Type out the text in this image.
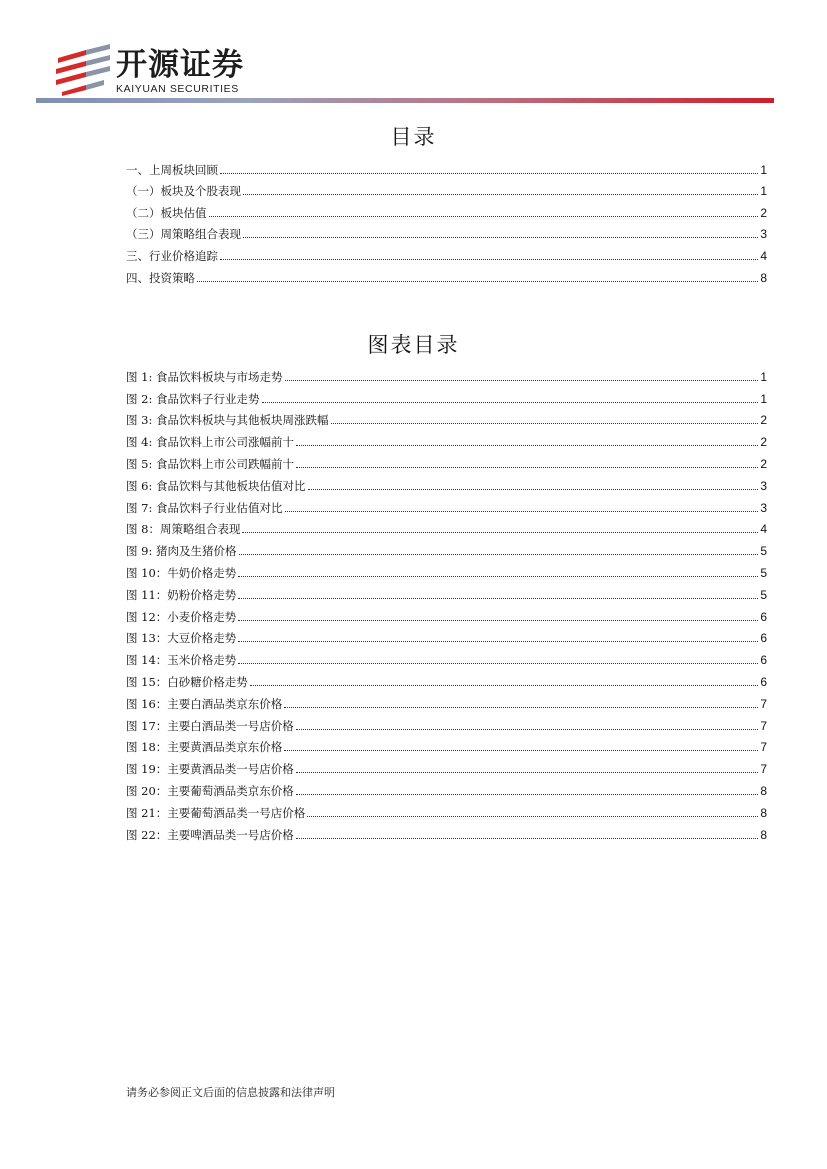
开源证券
KAIYUAN SECURITIES
目录
一、上周板块回顾	1
（一）板块及个股表现	1
（二）板块估值	2
（三）周策略组合表现	3
三、行业价格追踪	4
四、投资策略	8
图表目录
图 1: 食品饮料板块与市场走势	1
图 2: 食品饮料子行业走势	1
图 3: 食品饮料板块与其他板块周涨跌幅	2
图 4: 食品饮料上市公司涨幅前十	2
图 5: 食品饮料上市公司跌幅前十	2
图 6: 食品饮料与其他板块估值对比	3
图 7: 食品饮料子行业估值对比	3
图 8：周策略组合表现	4
图 9: 猪肉及生猪价格	5
图 10：牛奶价格走势	5
图 11：奶粉价格走势	5
图 12：小麦价格走势	6
图 13：大豆价格走势	6
图 14：玉米价格走势	6
图 15：白砂糖价格走势	6
图 16：主要白酒品类京东价格	7
图 17：主要白酒品类一号店价格	7
图 18：主要黄酒品类京东价格	7
图 19：主要黄酒品类一号店价格	7
图 20：主要葡萄酒品类京东价格	8
图 21：主要葡萄酒品类一号店价格	8
图 22：主要啤酒品类一号店价格	8
请务必参阅正文后面的信息披露和法律声明
